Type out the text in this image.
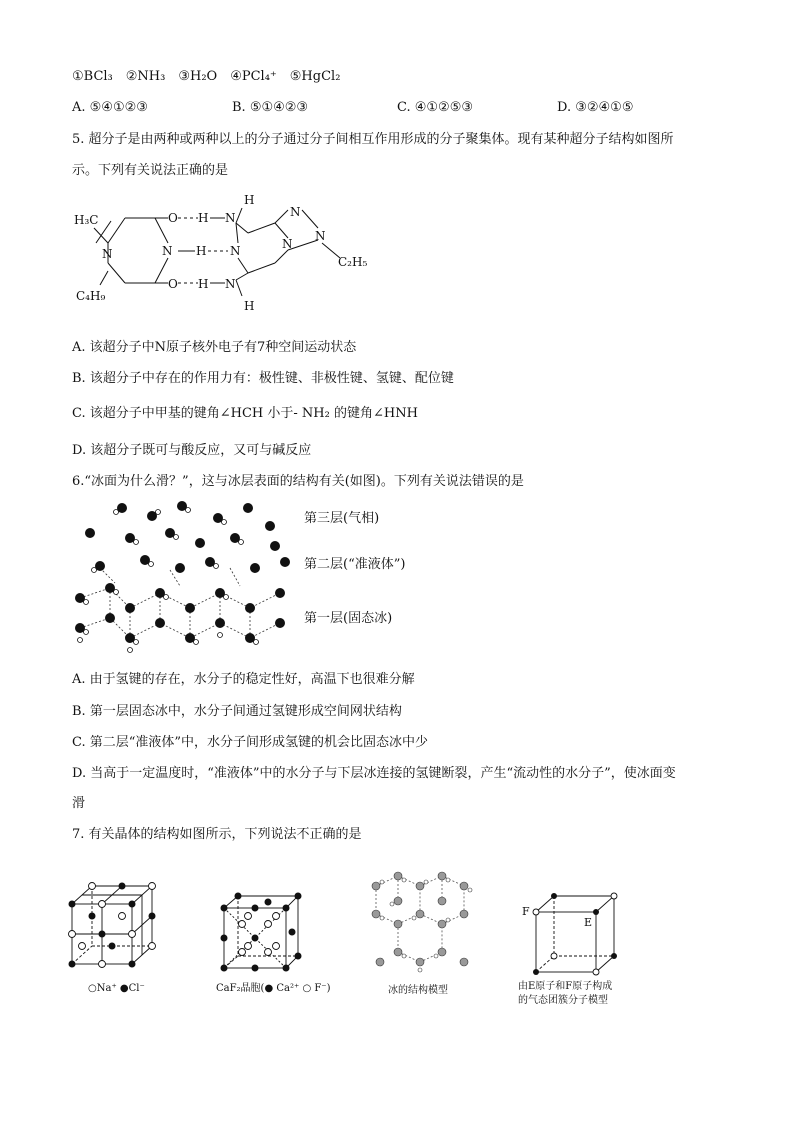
①BCl₃　②NH₃　③H₂O　④PCl₄⁺　⑤HgCl₂
A. ⑤④①②③	B. ⑤①④②③	C. ④①②⑤③	D. ③②④①⑤
5. 超分子是由两种或两种以上的分子通过分子间相互作用形成的分子聚集体。现有某种超分子结构如图所
示。下列有关说法正确的是
H₃C	O H N
H
N
N H N	N
N
C₂H₅
N
C₄H₉
O H N
H
A. 该超分子中N原子核外电子有7种空间运动状态
B. 该超分子中存在的作用力有：极性键、非极性键、氢键、配位键
C. 该超分子中甲基的键角∠HCH 小于- NH₂ 的键角∠HNH
D. 该超分子既可与酸反应，又可与碱反应
6.“冰面为什么滑？”，这与冰层表面的结构有关(如图)。下列有关说法错误的是
第三层(气相)
第二层(“准液体”)
第一层(固态冰)
A. 由于氢键的存在，水分子的稳定性好，高温下也很难分解
B. 第一层固态冰中，水分子间通过氢键形成空间网状结构
C. 第二层“准液体”中，水分子间形成氢键的机会比固态冰中少
D. 当高于一定温度时，“准液体”中的水分子与下层冰连接的氢键断裂，产生“流动性的水分子”，使冰面变
滑
7. 有关晶体的结构如图所示，下列说法不正确的是
○Na⁺ ●Cl⁻	CaF₂晶胞(● Ca²⁺ ○ F⁻)	冰的结构模型
F
E
由E原子和F原子构成
的气态团簇分子模型
